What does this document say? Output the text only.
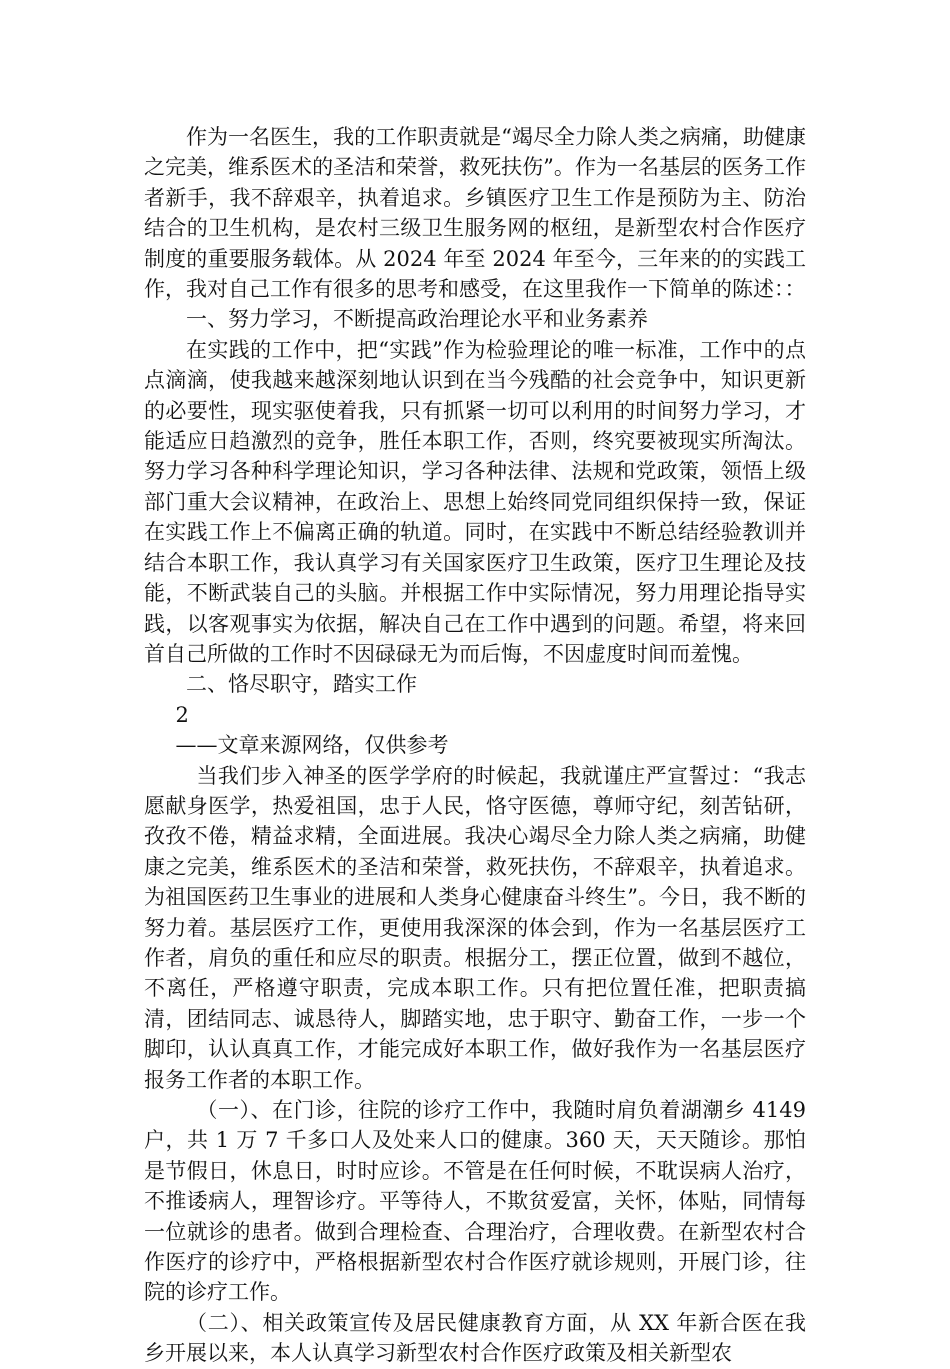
作为一名医生，我的工作职责就是“竭尽全力除人类之病痛，助健康之完美，维系医术的圣洁和荣誉，救死扶伤”。作为一名基层的医务工作者新手，我不辞艰辛，执着追求。乡镇医疗卫生工作是预防为主、防治结合的卫生机构，是农村三级卫生服务网的枢纽，是新型农村合作医疗制度的重要服务载体。从 2024 年至 2024 年至今，三年来的的实践工作，我对自己工作有很多的思考和感受，在这里我作一下简单的陈述：：

一、努力学习，不断提高政治理论水平和业务素养

在实践的工作中，把“实践”作为检验理论的唯一标准，工作中的点点滴滴，使我越来越深刻地认识到在当今残酷的社会竞争中，知识更新的必要性，现实驱使着我，只有抓紧一切可以利用的时间努力学习，才能适应日趋激烈的竞争，胜任本职工作，否则，终究要被现实所淘汰。努力学习各种科学理论知识，学习各种法律、法规和党政策，领悟上级部门重大会议精神，在政治上、思想上始终同党同组织保持一致，保证在实践工作上不偏离正确的轨道。同时，在实践中不断总结经验教训并结合本职工作，我认真学习有关国家医疗卫生政策，医疗卫生理论及技能，不断武装自己的头脑。并根据工作中实际情况，努力用理论指导实践，以客观事实为依据，解决自己在工作中遇到的问题。希望，将来回首自己所做的工作时不因碌碌无为而后悔，不因虚度时间而羞愧。

二、恪尽职守，踏实工作

2

——文章来源网络，仅供参考

当我们步入神圣的医学学府的时候起，我就谨庄严宣誓过：“我志愿献身医学，热爱祖国，忠于人民，恪守医德，尊师守纪，刻苦钻研，孜孜不倦，精益求精，全面进展。我决心竭尽全力除人类之病痛，助健康之完美，维系医术的圣洁和荣誉，救死扶伤，不辞艰辛，执着追求。为祖国医药卫生事业的进展和人类身心健康奋斗终生”。今日，我不断的努力着。基层医疗工作，更使用我深深的体会到，作为一名基层医疗工作者，肩负的重任和应尽的职责。根据分工，摆正位置，做到不越位，不离任，严格遵守职责，完成本职工作。只有把位置任准，把职责搞清，团结同志、诚恳待人，脚踏实地，忠于职守、勤奋工作，一步一个脚印，认认真真工作，才能完成好本职工作，做好我作为一名基层医疗报务工作者的本职工作。

（一）、在门诊，往院的诊疗工作中，我随时肩负着湖潮乡 4149 户，共 1 万 7 千多口人及处来人口的健康。360 天，天天随诊。那怕是节假日，休息日，时时应诊。不管是在任何时候，不耽误病人治疗，不推诿病人，理智诊疗。平等待人，不欺贫爱富，关怀，体贴，同情每一位就诊的患者。做到合理检查、合理治疗，合理收费。在新型农村合作医疗的诊疗中，严格根据新型农村合作医疗就诊规则，开展门诊，往院的诊疗工作。

（二）、相关政策宣传及居民健康教育方面，从 XX 年新合医在我乡开展以来，本人认真学习新型农村合作医疗政策及相关新型农
